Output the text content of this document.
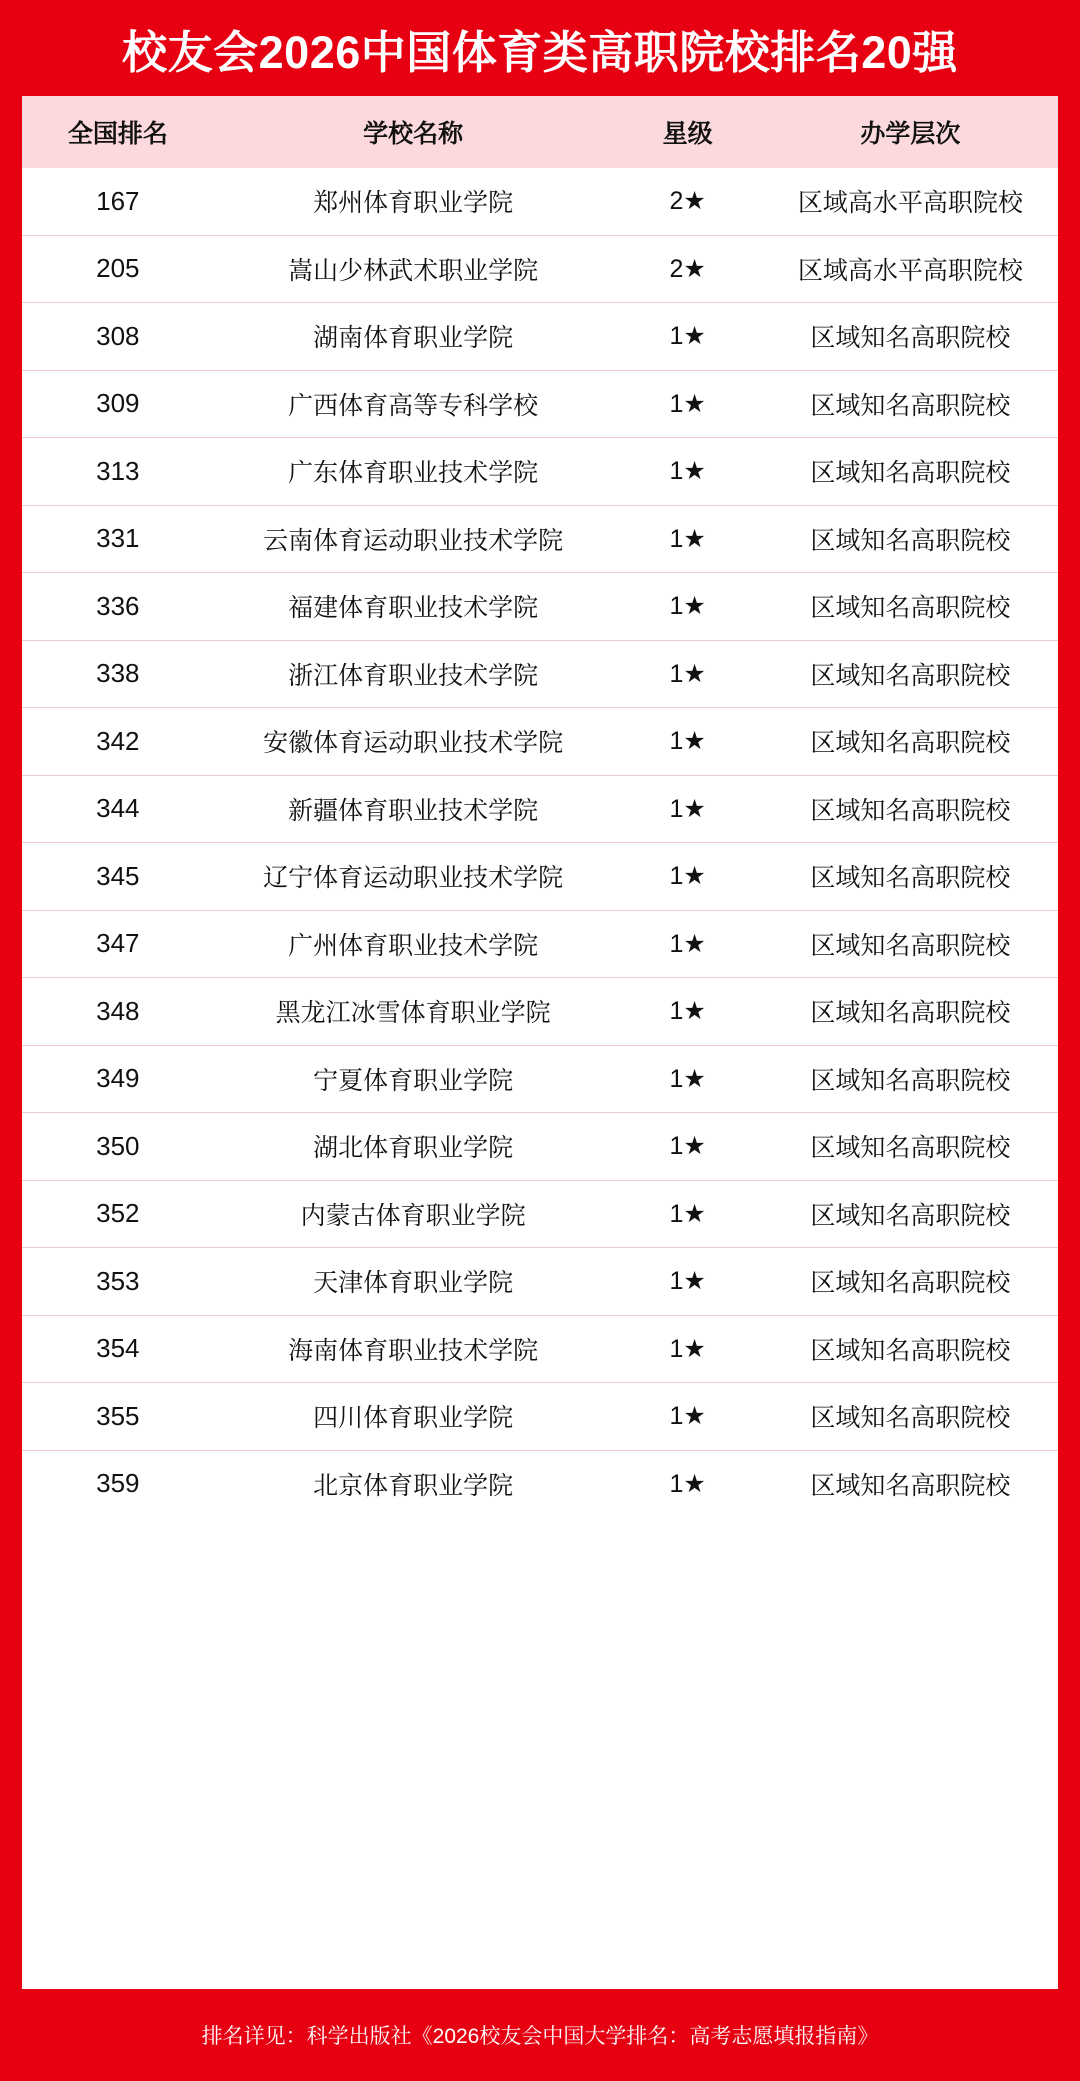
校友会2026中国体育类高职院校排名20强
全国排名	学校名称	星级	办学层次
167	郑州体育职业学院	2★	区域高水平高职院校
205	嵩山少林武术职业学院	2★	区域高水平高职院校
308	湖南体育职业学院	1★	区域知名高职院校
309	广西体育高等专科学校	1★	区域知名高职院校
313	广东体育职业技术学院	1★	区域知名高职院校
331	云南体育运动职业技术学院	1★	区域知名高职院校
336	福建体育职业技术学院	1★	区域知名高职院校
338	浙江体育职业技术学院	1★	区域知名高职院校
342	安徽体育运动职业技术学院	1★	区域知名高职院校
344	新疆体育职业技术学院	1★	区域知名高职院校
345	辽宁体育运动职业技术学院	1★	区域知名高职院校
347	广州体育职业技术学院	1★	区域知名高职院校
348	黑龙江冰雪体育职业学院	1★	区域知名高职院校
349	宁夏体育职业学院	1★	区域知名高职院校
350	湖北体育职业学院	1★	区域知名高职院校
352	内蒙古体育职业学院	1★	区域知名高职院校
353	天津体育职业学院	1★	区域知名高职院校
354	海南体育职业技术学院	1★	区域知名高职院校
355	四川体育职业学院	1★	区域知名高职院校
359	北京体育职业学院	1★	区域知名高职院校
排名详见：科学出版社《2026校友会中国大学排名：高考志愿填报指南》
